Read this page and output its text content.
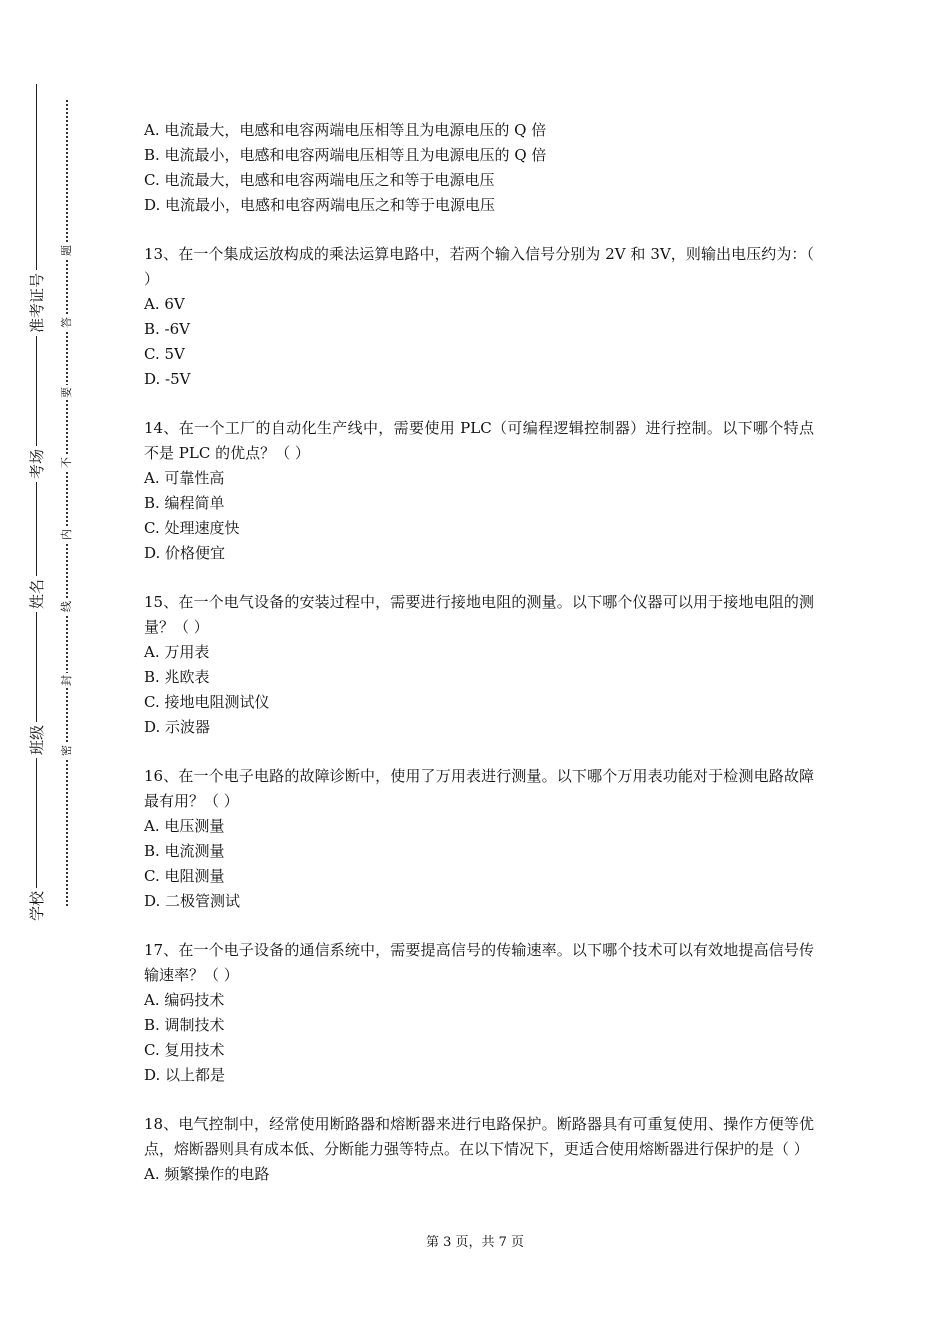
准考证号
考场
姓名
班级
学校
题
答
要
不
内
线
封
密
A. 电流最大，电感和电容两端电压相等且为电源电压的 Q 倍
B. 电流最小，电感和电容两端电压相等且为电源电压的 Q 倍
C. 电流最大，电感和电容两端电压之和等于电源电压
D. 电流最小，电感和电容两端电压之和等于电源电压
13、在一个集成运放构成的乘法运算电路中，若两个输入信号分别为 2V 和 3V，则输出电压约为：（ ）
A. 6V
B. -6V
C. 5V
D. -5V
14、在一个工厂的自动化生产线中，需要使用 PLC（可编程逻辑控制器）进行控制。以下哪个特点不是 PLC 的优点？（ ）
A. 可靠性高
B. 编程简单
C. 处理速度快
D. 价格便宜
15、在一个电气设备的安装过程中，需要进行接地电阻的测量。以下哪个仪器可以用于接地电阻的测量？（ ）
A. 万用表
B. 兆欧表
C. 接地电阻测试仪
D. 示波器
16、在一个电子电路的故障诊断中，使用了万用表进行测量。以下哪个万用表功能对于检测电路故障最有用？（ ）
A. 电压测量
B. 电流测量
C. 电阻测量
D. 二极管测试
17、在一个电子设备的通信系统中，需要提高信号的传输速率。以下哪个技术可以有效地提高信号传输速率？（ ）
A. 编码技术
B. 调制技术
C. 复用技术
D. 以上都是
18、电气控制中，经常使用断路器和熔断器来进行电路保护。断路器具有可重复使用、操作方便等优点，熔断器则具有成本低、分断能力强等特点。在以下情况下，更适合使用熔断器进行保护的是（ ）
A. 频繁操作的电路
第 3 页，共 7 页
